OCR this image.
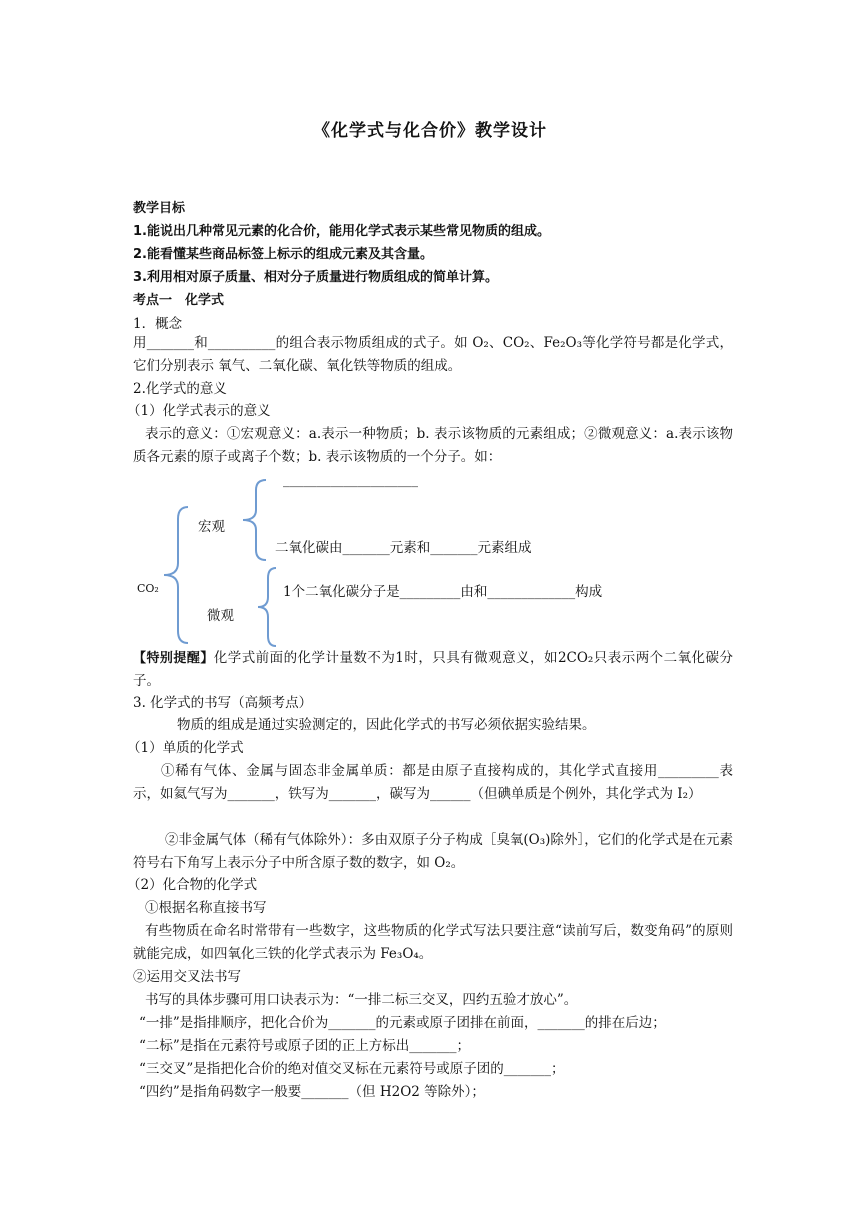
《化学式与化合价》教学设计
教学目标
1.能说出几种常见元素的化合价，能用化学式表示某些常见物质的组成。
2.能看懂某些商品标签上标示的组成元素及其含量。
3.利用相对原子质量、相对分子质量进行物质组成的简单计算。
考点一　化学式
1．概念
用_______和__________的组合表示物质组成的式子。如 O₂、CO₂、Fe₂O₃等化学符号都是化学式，它们分别表示 氧气、二氧化碳、氧化铁等物质的组成。
2.化学式的意义
（1）化学式表示的意义
表示的意义：①宏观意义：a.表示一种物质；b. 表示该物质的元素组成；②微观意义：a.表示该物质各元素的原子或离子个数；b. 表示该物质的一个分子。如：
CO₂
宏观
微观
____________________
二氧化碳由_______元素和_______元素组成
1个二氧化碳分子是_________由和_____________构成
【特别提醒】化学式前面的化学计量数不为1时，只具有微观意义，如2CO₂只表示两个二氧化碳分子。
3. 化学式的书写（高频考点）
物质的组成是通过实验测定的，因此化学式的书写必须依据实验结果。
（1）单质的化学式
①稀有气体、金属与固态非金属单质：都是由原子直接构成的，其化学式直接用_________表示，如氦气写为_______，铁写为_______，碳写为______（但碘单质是个例外，其化学式为 I₂）
②非金属气体（稀有气体除外）：多由双原子分子构成［臭氧(O₃)除外］，它们的化学式是在元素符号右下角写上表示分子中所含原子数的数字，如 O₂。
（2）化合物的化学式
①根据名称直接书写
有些物质在命名时常带有一些数字，这些物质的化学式写法只要注意“读前写后，数变角码”的原则就能完成，如四氧化三铁的化学式表示为 Fe₃O₄。
②运用交叉法书写
书写的具体步骤可用口诀表示为：“一排二标三交叉，四约五验才放心”。
“一排”是指排顺序，把化合价为_______的元素或原子团排在前面，_______的排在后边；
“二标”是指在元素符号或原子团的正上方标出_______；
“三交叉”是指把化合价的绝对值交叉标在元素符号或原子团的_______；
“四约”是指角码数字一般要_______（但 H2O2 等除外）；
